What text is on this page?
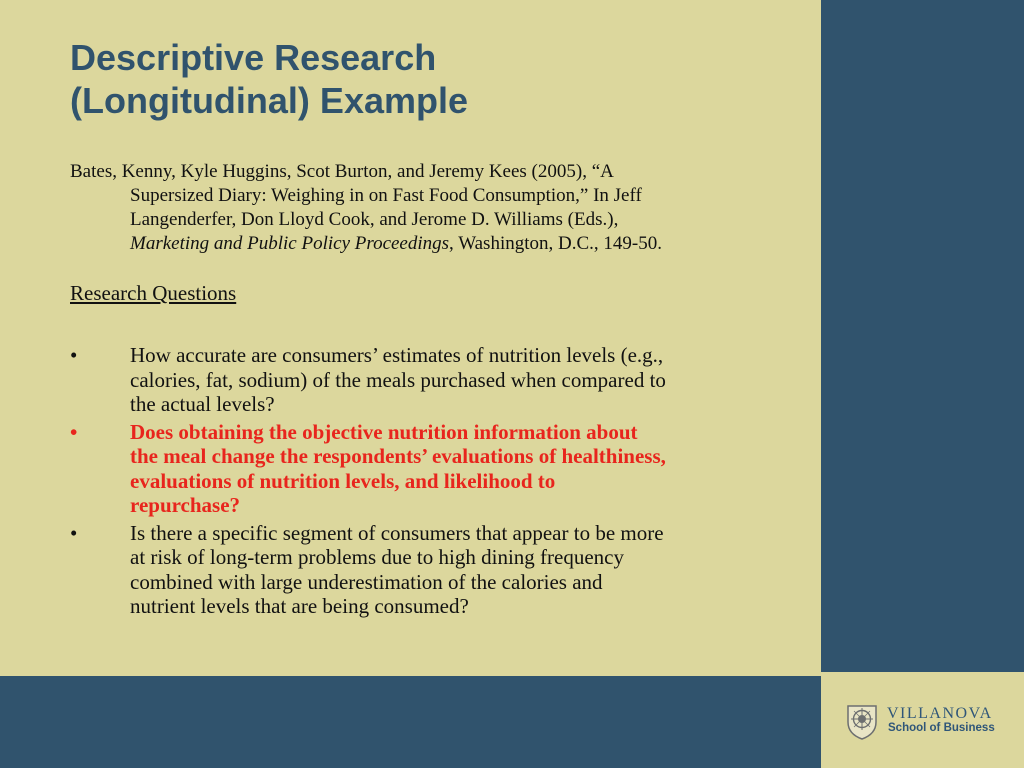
VILLANOVA
School of Business
Descriptive Research
(Longitudinal) Example
Bates, Kenny, Kyle Huggins, Scot Burton, and Jeremy Kees (2005), “A
Supersized Diary: Weighing in on Fast Food Consumption,” In Jeff
Langenderfer, Don Lloyd Cook, and Jerome D. Williams (Eds.),
Marketing and Public Policy Proceedings, Washington, D.C., 149-50.
Research Questions
•	How accurate are consumers’ estimates of nutrition levels (e.g.,
calories, fat, sodium) of the meals purchased when compared to
the actual levels?
•	Does obtaining the objective nutrition information about
the meal change the respondents’ evaluations of healthiness,
evaluations of nutrition levels, and likelihood to
repurchase?
•	Is there a specific segment of consumers that appear to be more
at risk of long-term problems due to high dining frequency
combined with large underestimation of the calories and
nutrient levels that are being consumed?
